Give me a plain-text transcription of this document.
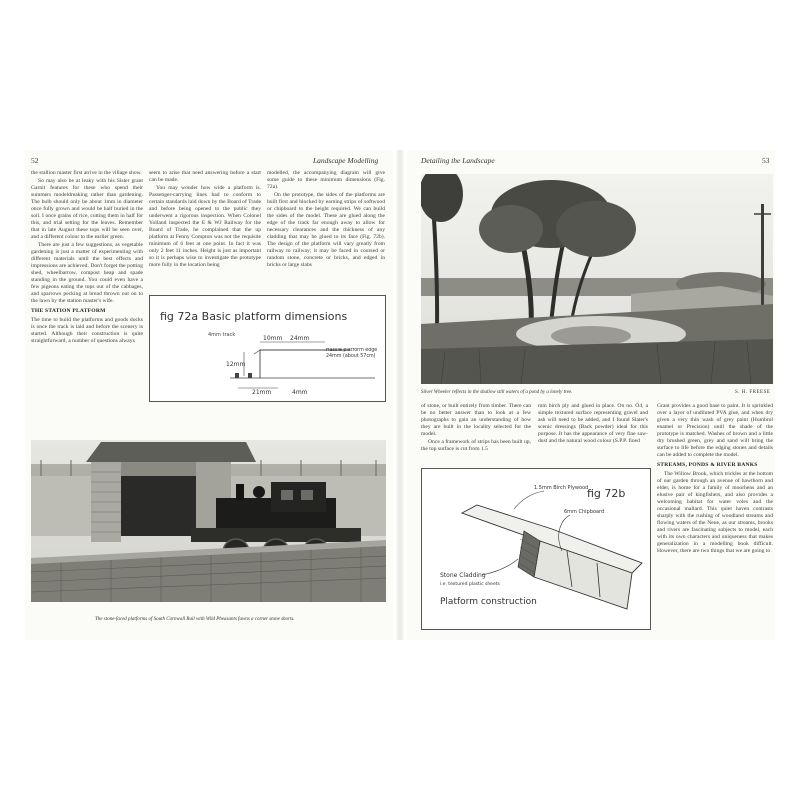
52	Landscape Modelling

the stallion master first arrive in the village show.

So may also be at leaky with his Sister grant Garnit features for these who spend their summers modeldreaking rather than gardening. The bulb should only be about 1mm in diameter once fully grown and would be half buried in the soil. I once grains of rice, cutting them in half for this, and trial setting for the leaves. Remember that in late August these tops will be seen over, and a different colour to the earlier green.

There are just a few suggestions, as vegetable gardening is just a matter of experimenting with different materials until the best effects and impressions are achieved. Don't forget the potting shed, wheelbarrow, compost heap and spade standing in the ground. You could even have a few pigeons eating the tops out of the cabbages, and sparrows pecking at bread thrown out on to the lawn by the station master's wife.

THE STATION PLATFORM

The time to build the platforms and goods docks is once the track is laid and before the scenery is started. Although their construction is quite straightforward, a number of questions always

seem to arise that need answering before a start can be made.

You may wonder how wide a platform is. Passenger-carrying lines had to conform to certain standards laid down by the Board of Trade and before being opened to the public they underwent a rigorous inspection. When Colonel Yolland inspected the E & WJ Railway for the Board of Trade, he complained that the up platform at Fenny Compton was not the requisite minimum of 6 feet at one point. In fact it was only 2 feet 11 inches. Height is just as important so it is perhaps wise to investigate the prototype more fully in the location being

modelled, the accompanying diagram will give some guide to these minimum dimensions (Fig. 72a).

On the prototype, the sides of the platforms are built first and blocked by earning strips of softwood or chipboard to the height required. We can build the sides of the model. These are glued along the edge of the track far enough away to allow for necessary clearances and the thickness of any cladding that may be glued to its face (Fig. 72b). The design of the platform will vary greatly from railway to railway; it may be faced in coursed or random stone, concrete or bricks, and edged in bricks or large slabs

fig 72a Basic platform dimensions
4mm track	10mm 24mm
12mm
21mm	4mm
Hassie platform edge 24mm (about 57cm)
The stone-faced platforms of South Cornwall Rail with Wild Pheasants fawns a corner stone shorts.
Detailing the Landscape	53
Silver Wheeler reflects in the shallow still waters of a pond by a lonely tree.	S. H. FREESE

of stone, or built entirely from timber. There can be no better answer than to look at a few photographs to gain an understanding of how they are built in the locality selected for the model.

Once a framework of strips has been built up, the top surface is cut from 1.5

mm birch ply and glued in place. On no. O4, a simple textured surface representing gravel and ash will need to be added, and I found Slater's scenic dressings (Back powder) ideal for this purpose. It has the appearance of very fine saw-dust and the natural wood colour (S.P.P. fined

Grant provides a good base to paint. It is sprinkled over a layer of undiluted PVA glue, and when dry given a very thin wash of grey paint (Humbrol enamel or Precision) until the shade of the prototype is matched. Washes of brown and a little dry brushed green, grey and sand will bring the surface to life before the edging stones and details can be added to complete the model.

STREAMS, PONDS & RIVER BANKS

The Willow Brook, which trickles at the bottom of our garden through an avenue of hawthorn and elder, is home for a family of moorhens and an elusive pair of kingfishers, and also provides a welcoming habitat for water voles and the occasional mallard. This quiet haven contrasts sharply with the rushing of woodland streams and flowing waters of the Nene, as our streams, brooks and rivers are fascinating subjects to model, each with its own characters and uniqueness that makes generalization in a modelling book difficult. However, there are two things that we are going to

fig 72b
1.5mm Birch Plywood
6mm Chipboard
Stone Cladding
i.e. textured plastic sheets
Platform construction
